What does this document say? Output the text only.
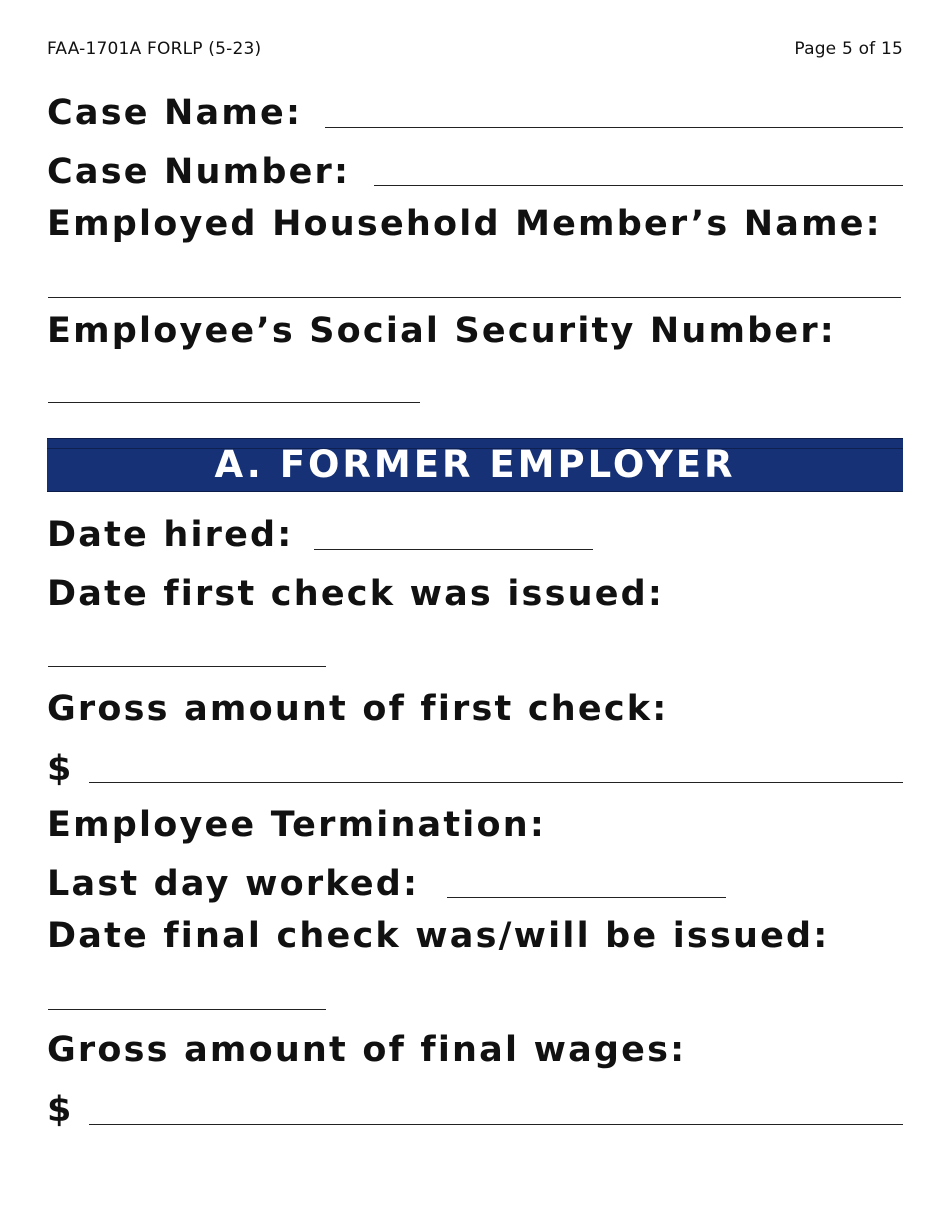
FAA-1701A FORLP (5-23)	Page 5 of 15
Case Name:
Case Number:
Employed Household Member’s Name:
Employee’s Social Security Number:
A. FORMER EMPLOYER
Date hired:
Date first check was issued:
Gross amount of first check:
$
Employee Termination:
Last day worked:
Date final check was/will be issued:
Gross amount of final wages:
$
